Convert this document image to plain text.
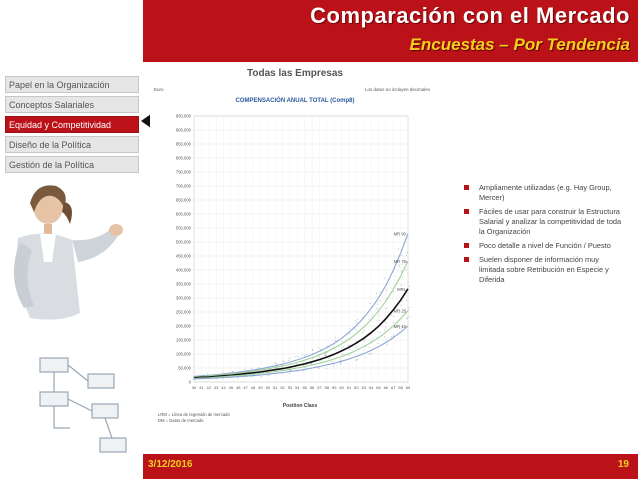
Comparación con el Mercado
Encuestas – Por Tendencia
Papel en la Organización
Conceptos Salariales
Equidad y Competitividad
Diseño de la Política
Gestión de la Política
Todas las Empresas
Euro	Los datos no incluyen decimales
COMPENSACIÓN ANUAL TOTAL (Comp8)
0
50,000
100,000
150,000
200,000
250,000
300,000
350,000
400,000
450,000
500,000
550,000
600,000
650,000
700,000
750,000
800,000
850,000
900,000
950,000
40 41 42 43 44 45 46 47 48 49 50 51 52 53 54 55 56 57 58 59 60 61 62 63 64 65 66 67 68 69
MR 90
MR 75
MRL
MR 25
MR 10
Position Class
LRM = Línea de regresión de mercado
DM = Datos de mercado
Ampliamente utilizadas (e.g. Hay Group, Mercer)
Fáciles de usar para construir la Estructura Salarial y analizar la competitividad de toda la Organización
Poco detalle a nivel de Función / Puesto
Suelen disponer de información muy limitada sobre Retribución en Especie y Diferida
3/12/2016	19
